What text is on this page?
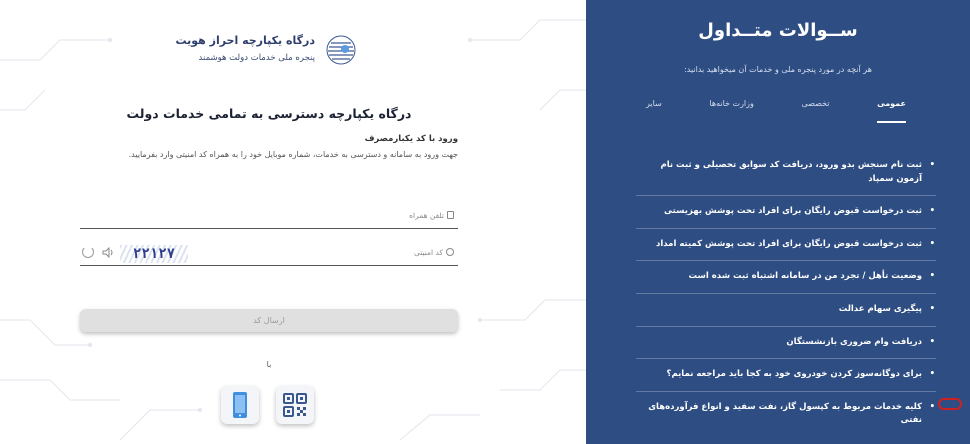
درگاه یکپارچه احراز هویت
پنجره ملی خدمات دولت هوشمند
درگاه یکپارچه دسترسی به تمامی خدمات دولت
ورود با کد یکبارمصرف
جهت ورود به سامانه و دسترسی به خدمات، شماره موبایل خود را به همراه کد امنیتی وارد بفرمایید.
تلفن همراه
کد امنیتی
۲۲۱۲۷
ارسال کد
با
ســوالات متــداول
هر آنچه در مورد پنجره ملی و خدمات آن میخواهید بدانید:
عمومی
تخصصی
وزارت خانه‌ها
سایر
• ثبت نام سنجش بدو ورود، دریافت کد سوابق تحصیلی و ثبت نام آزمون سمپاد
• ثبت درخواست قبوض رایگان برای افراد تحت پوشش بهزیستی
• ثبت درخواست قبوض رایگان برای افراد تحت پوشش کمیته امداد
• وضعیت تأهل / تجرد من در سامانه اشتباه ثبت شده است
• پیگیری سهام عدالت
• دریافت وام ضروری بازنشستگان
• برای دوگانه‌سوز کردن خودروی خود به کجا باید مراجعه نمایم؟
• کلیه خدمات مربوط به کپسول گاز، نفت سفید و انواع فرآورده‌های نفتی
